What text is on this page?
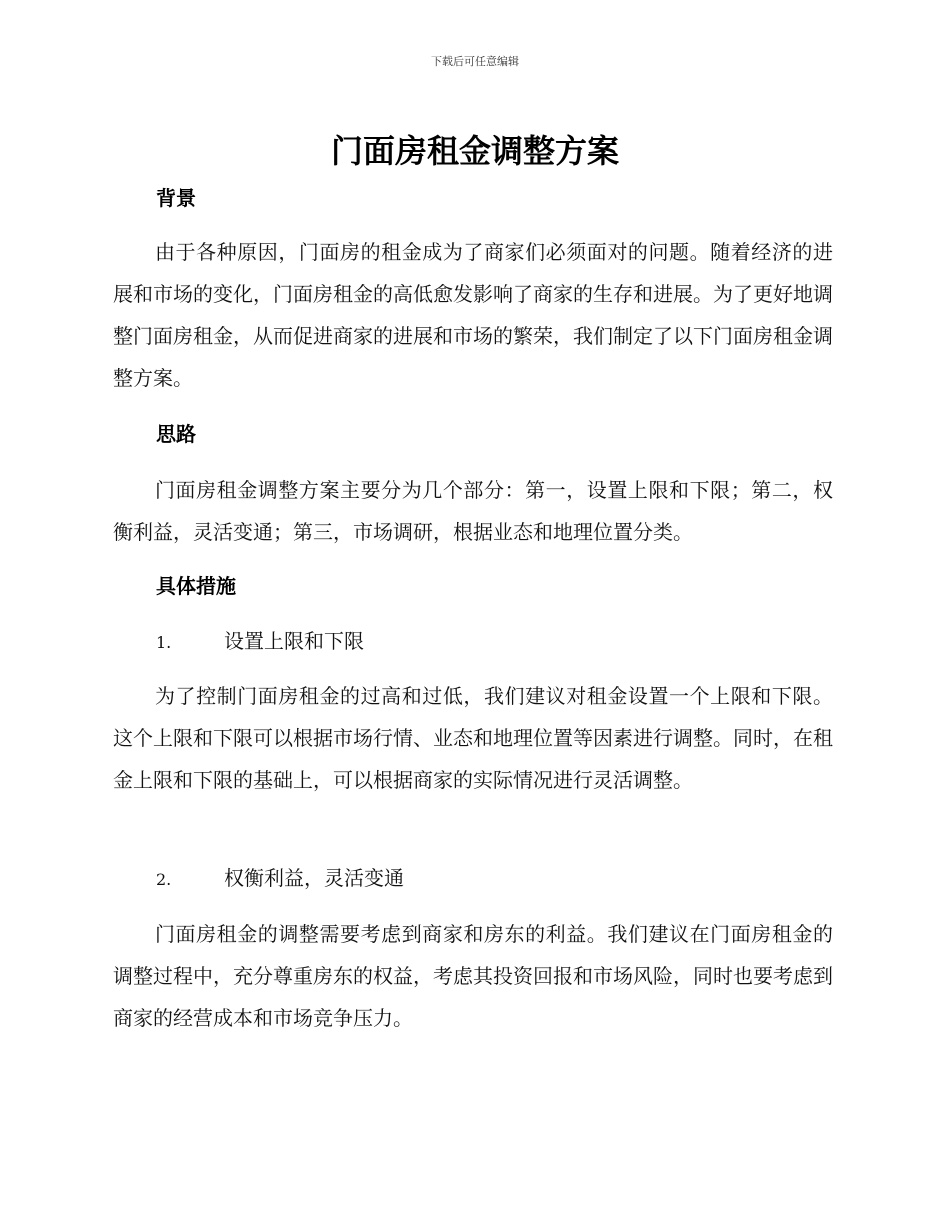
下载后可任意编辑
门面房租金调整方案
背景

由于各种原因，门面房的租金成为了商家们必须面对的问题。随着经济的进展和市场的变化，门面房租金的高低愈发影响了商家的生存和进展。为了更好地调整门面房租金，从而促进商家的进展和市场的繁荣，我们制定了以下门面房租金调整方案。

思路

门面房租金调整方案主要分为几个部分：第一，设置上限和下限；第二，权衡利益，灵活变通；第三，市场调研，根据业态和地理位置分类。

具体措施
1.	设置上限和下限

为了控制门面房租金的过高和过低，我们建议对租金设置一个上限和下限。这个上限和下限可以根据市场行情、业态和地理位置等因素进行调整。同时，在租金上限和下限的基础上，可以根据商家的实际情况进行灵活调整。

2.	权衡利益，灵活变通

门面房租金的调整需要考虑到商家和房东的利益。我们建议在门面房租金的调整过程中，充分尊重房东的权益，考虑其投资回报和市场风险，同时也要考虑到商家的经营成本和市场竞争压力。
